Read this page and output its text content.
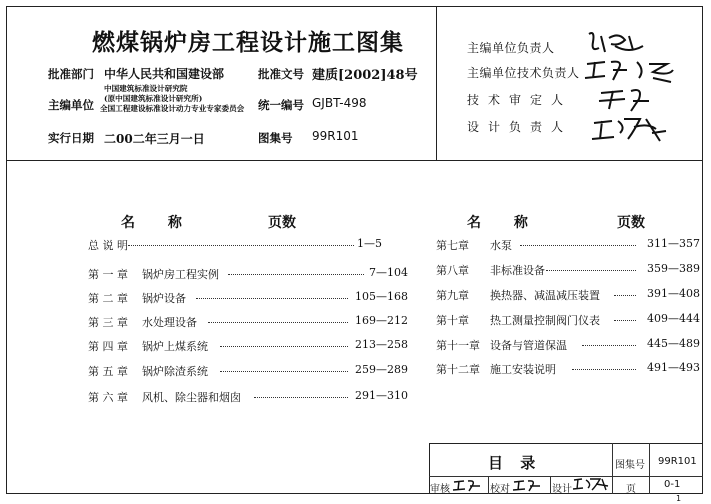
燃煤锅炉房工程设计施工图集
批准部门 中华人民共和国建设部	批准文号 建质[2002]48号
主编单位
中国建筑标准设计研究院
(原中国建筑标准设计研究所)
全国工程建设标准设计动力专业专家委员会 统一编号 GJBT-498
实行日期 二00二年三月一日	图集号 99R101
主编单位负责人
主编单位技术负责人
技术审定人
设计负责人
名 称	页数	名 称	页数
总 说 明	1—5
第 一 章 锅炉房工程实例	7—104
第 二 章 锅炉设备	105—168
第 三 章 水处理设备	169—212
第 四 章 锅炉上煤系统	213—258
第 五 章 锅炉除渣系统	259—289
第 六 章 风机、除尘器和烟囱	291—310
第七章 水泵	311—357
第八章 非标准设备	359—389
第九章 换热器、减温减压装置	391—408
第十章 热工测量控制阀门仪表	409—444
第十一章 设备与管道保温	445—489
第十二章 施工安装说明	491—493
目 录	图集号 99R101
审核	校对	设计	页	0-1
1
